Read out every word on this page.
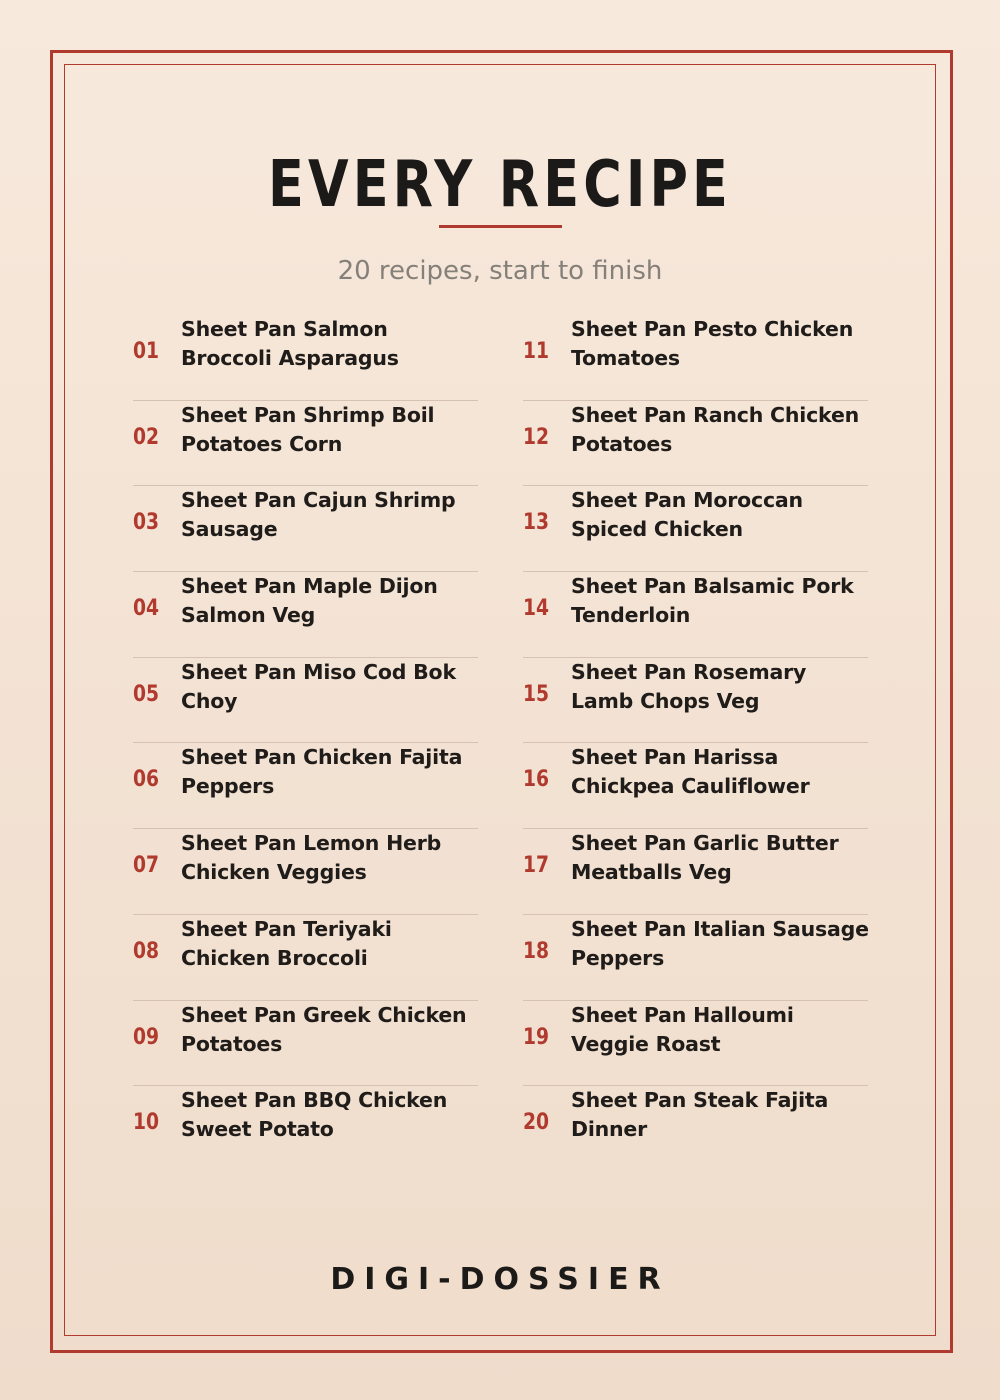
EVERY RECIPE
20 recipes, start to finish
01
Sheet Pan Salmon Broccoli Asparagus
02
Sheet Pan Shrimp Boil Potatoes Corn
03
Sheet Pan Cajun Shrimp Sausage
04
Sheet Pan Maple Dijon Salmon Veg
05
Sheet Pan Miso Cod Bok Choy
06
Sheet Pan Chicken Fajita Peppers
07
Sheet Pan Lemon Herb Chicken Veggies
08
Sheet Pan Teriyaki Chicken Broccoli
09
Sheet Pan Greek Chicken Potatoes
10
Sheet Pan BBQ Chicken Sweet Potato
11
Sheet Pan Pesto Chicken Tomatoes
12
Sheet Pan Ranch Chicken Potatoes
13
Sheet Pan Moroccan Spiced Chicken
14
Sheet Pan Balsamic Pork Tenderloin
15
Sheet Pan Rosemary Lamb Chops Veg
16
Sheet Pan Harissa Chickpea Cauliflower
17
Sheet Pan Garlic Butter Meatballs Veg
18
Sheet Pan Italian Sausage Peppers
19
Sheet Pan Halloumi Veggie Roast
20
Sheet Pan Steak Fajita Dinner
DIGI-DOSSIER
